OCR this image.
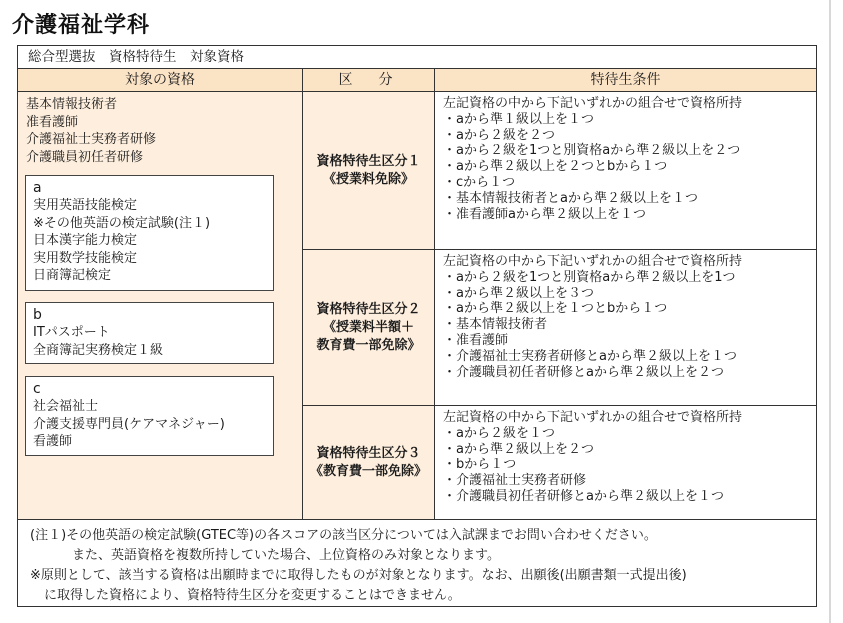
介護福祉学科
総合型選抜　資格特待生　対象資格
対象の資格	区　分	特待生条件
基本情報技術者
准看護師
介護福祉士実務者研修
介護職員初任者研修
a
実用英語技能検定
※その他英語の検定試験(注１)
日本漢字能力検定
実用数学技能検定
日商簿記検定
b
ITパスポート
全商簿記実務検定１級
c
社会福祉士
介護支援専門員(ケアマネジャー)
看護師
資格特待生区分１
《授業料免除》
左記資格の中から下記いずれかの組合せで資格所持
・aから準１級以上を１つ
・aから２級を２つ
・aから２級を1つと別資格aから準２級以上を２つ
・aから準２級以上を２つとbから１つ
・cから１つ
・基本情報技術者とaから準２級以上を１つ
・准看護師aから準２級以上を１つ
資格特待生区分２
《授業料半額＋
教育費一部免除》
左記資格の中から下記いずれかの組合せで資格所持
・aから２級を1つと別資格aから準２級以上を1つ
・aから準２級以上を３つ
・aから準２級以上を１つとbから１つ
・基本情報技術者
・准看護師
・介護福祉士実務者研修とaから準２級以上を１つ
・介護職員初任者研修とaから準２級以上を２つ
資格特待生区分３
《教育費一部免除》
左記資格の中から下記いずれかの組合せで資格所持
・aから２級を１つ
・aから準２級以上を２つ
・bから１つ
・介護福祉士実務者研修
・介護職員初任者研修とaから準２級以上を１つ
(注１)その他英語の検定試験(GTEC等)の各スコアの該当区分については入試課までお問い合わせください。
また、英語資格を複数所持していた場合、上位資格のみ対象となります。
※原則として、該当する資格は出願時までに取得したものが対象となります。なお、出願後(出願書類一式提出後)
に取得した資格により、資格特待生区分を変更することはできません。
